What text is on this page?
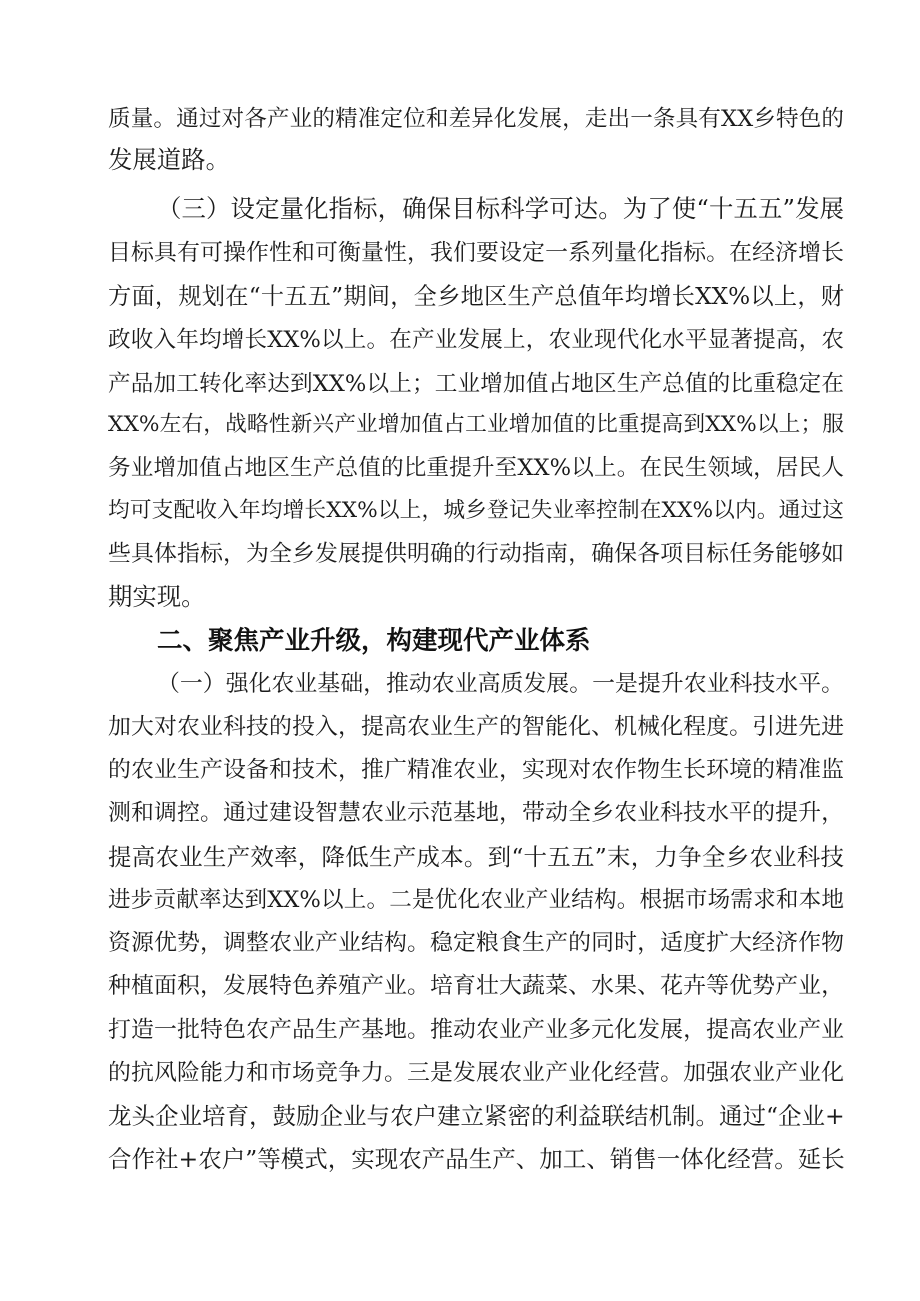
质量。通过对各产业的精准定位和差异化发展，走出一条具有XX乡特色的

发展道路。

（三）设定量化指标，确保目标科学可达。为了使“十五五”发展

目标具有可操作性和可衡量性，我们要设定一系列量化指标。在经济增长

方面，规划在“十五五”期间，全乡地区生产总值年均增长XX%以上，财

政收入年均增长XX%以上。在产业发展上，农业现代化水平显著提高，农

产品加工转化率达到XX%以上；工业增加值占地区生产总值的比重稳定在

XX%左右，战略性新兴产业增加值占工业增加值的比重提高到XX%以上；服

务业增加值占地区生产总值的比重提升至XX%以上。在民生领域，居民人

均可支配收入年均增长XX%以上，城乡登记失业率控制在XX%以内。通过这

些具体指标，为全乡发展提供明确的行动指南，确保各项目标任务能够如

期实现。

二、聚焦产业升级，构建现代产业体系

（一）强化农业基础，推动农业高质发展。一是提升农业科技水平。

加大对农业科技的投入，提高农业生产的智能化、机械化程度。引进先进

的农业生产设备和技术，推广精准农业，实现对农作物生长环境的精准监

测和调控。通过建设智慧农业示范基地，带动全乡农业科技水平的提升，

提高农业生产效率，降低生产成本。到“十五五”末，力争全乡农业科技

进步贡献率达到XX%以上。二是优化农业产业结构。根据市场需求和本地

资源优势，调整农业产业结构。稳定粮食生产的同时，适度扩大经济作物

种植面积，发展特色养殖产业。培育壮大蔬菜、水果、花卉等优势产业，

打造一批特色农产品生产基地。推动农业产业多元化发展，提高农业产业

的抗风险能力和市场竞争力。三是发展农业产业化经营。加强农业产业化

龙头企业培育，鼓励企业与农户建立紧密的利益联结机制。通过“企业+

合作社+农户”等模式，实现农产品生产、加工、销售一体化经营。延长
